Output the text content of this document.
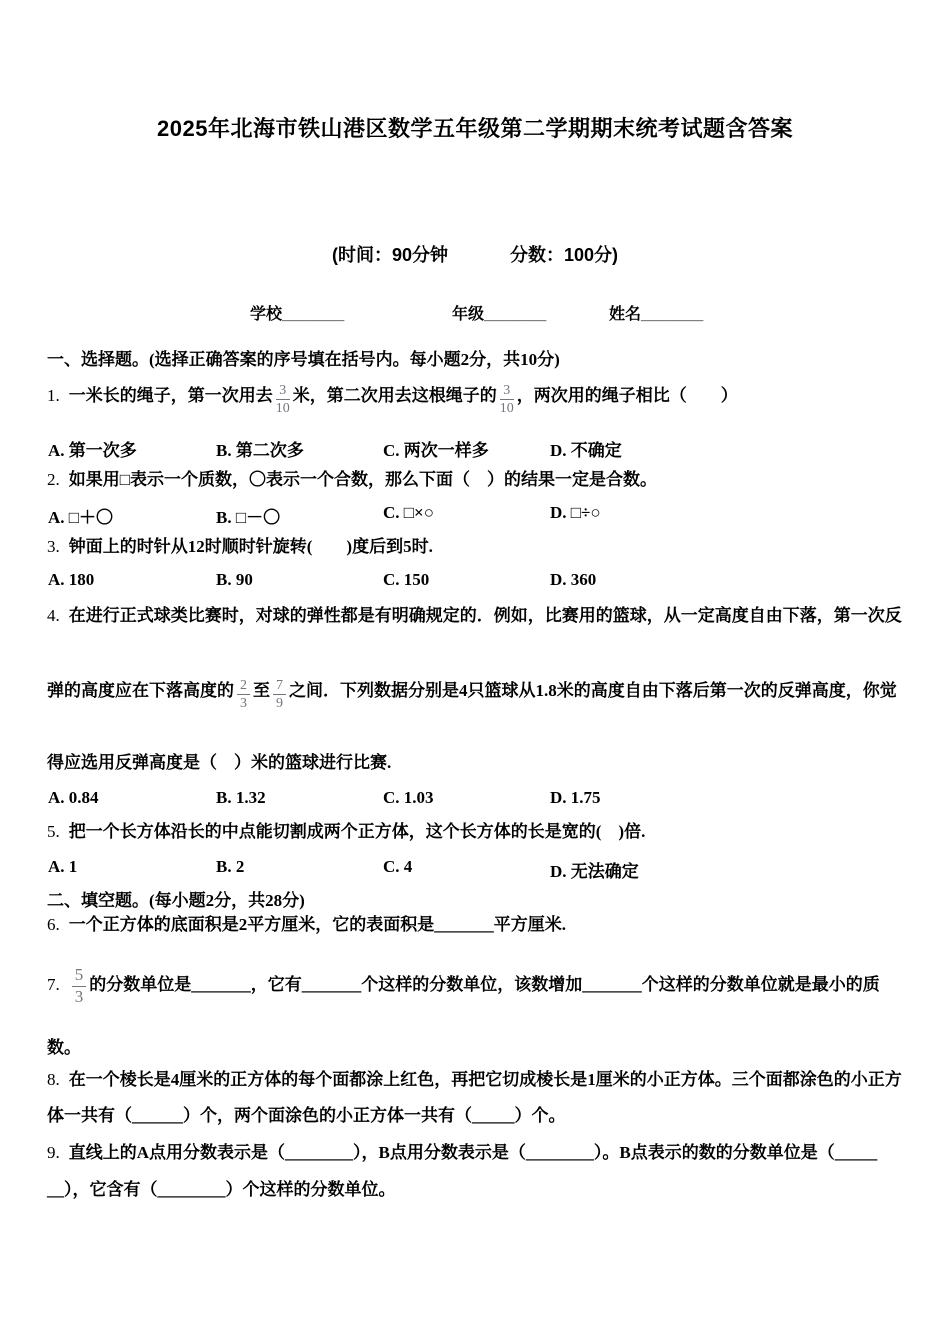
2025年北海市铁山港区数学五年级第二学期期末统考试题含答案
(时间：90分钟	分数：100分)
学校_______	年级_______	姓名_______
一、选择题。(选择正确答案的序号填在括号内。每小题2分，共10分)
1. 一米长的绳子，第一次用去 $\frac{3}{10}$ 米，第二次用去这根绳子的 $\frac{3}{10}$ ，两次用的绳子相比（　　）
A. 第一次多	B. 第二次多	C. 两次一样多	D. 不确定
2. 如果用□表示一个质数，〇表示一个合数，那么下面（　）的结果一定是合数。
A. □＋〇	B. □－〇	C. □×○	D. □÷○
3. 钟面上的时针从12时顺时针旋转(　　)度后到5时.
A. 180	B. 90	C. 150	D. 360
4. 在进行正式球类比赛时，对球的弹性都是有明确规定的．例如，比赛用的篮球，从一定高度自由下落，第一次反
弹的高度应在下落高度的 $\frac{2}{3}$ 至 $\frac{7}{9}$ 之间．下列数据分别是4只篮球从1.8米的高度自由下落后第一次的反弹高度，你觉
得应选用反弹高度是（　）米的篮球进行比赛.
A. 0.84	B. 1.32	C. 1.03	D. 1.75
5. 把一个长方体沿长的中点能切割成两个正方体，这个长方体的长是宽的(　)倍.
A. 1	B. 2	C. 4	D. 无法确定
二、填空题。(每小题2分，共28分)
6. 一个正方体的底面积是2平方厘米，它的表面积是_______平方厘米.
7. $\frac{5}{3}$ 的分数单位是_______，它有_______个这样的分数单位，该数增加_______个这样的分数单位就是最小的质
数。
8. 在一个棱长是4厘米的正方体的每个面都涂上红色，再把它切成棱长是1厘米的小正方体。三个面都涂色的小正方
体一共有（______）个，两个面涂色的小正方体一共有（_____）个。
9. 直线上的A点用分数表示是（________），B点用分数表示是（________）。B点表示的数的分数单位是（_____
__），它含有（________）个这样的分数单位。
